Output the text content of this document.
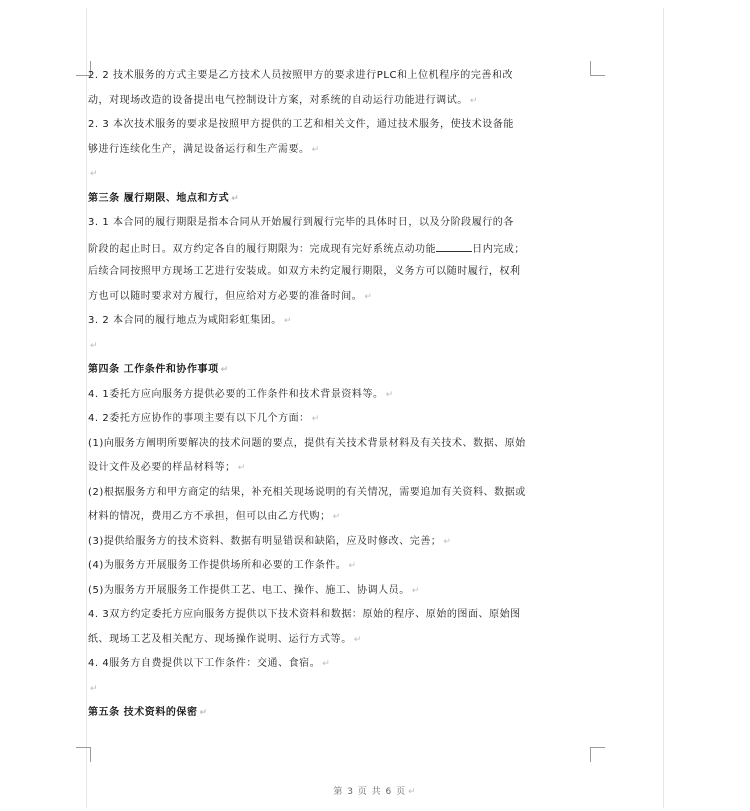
第 3 页 共 6 页 ↵
2. 2 技术服务的方式主要是乙方技术人员按照甲方的要求进行PLC和上位机程序的完善和改
动，对现场改造的设备提出电气控制设计方案，对系统的自动运行功能进行调试。 ↵
2. 3 本次技术服务的要求是按照甲方提供的工艺和相关文件，通过技术服务，使技术设备能
够进行连续化生产，满足设备运行和生产需要。 ↵
↵
第三条 履行期限、地点和方式 ↵
3. 1 本合同的履行期限是指本合同从开始履行到履行完毕的具体时日，以及分阶段履行的各
阶段的起止时日。双方约定各自的履行期限为：完成现有完好系统点动功能	日内完成；
后续合同按照甲方现场工艺进行安装成。如双方未约定履行期限，义务方可以随时履行，权利
方也可以随时要求对方履行，但应给对方必要的准备时间。 ↵
3. 2 本合同的履行地点为咸阳彩虹集团。 ↵
↵
第四条 工作条件和协作事项 ↵
4. 1委托方应向服务方提供必要的工作条件和技术背景资料等。 ↵
4. 2委托方应协作的事项主要有以下几个方面： ↵
(1)向服务方阐明所要解决的技术问题的要点，提供有关技术背景材料及有关技术、数据、原始
设计文件及必要的样品材料等； ↵
(2)根据服务方和甲方商定的结果，补充相关现场说明的有关情况，需要追加有关资料、数据或
材料的情况，费用乙方不承担，但可以由乙方代购； ↵
(3)提供给服务方的技术资料、数据有明显错误和缺陷，应及时修改、完善； ↵
(4)为服务方开展服务工作提供场所和必要的工作条件。 ↵
(5)为服务方开展服务工作提供工艺、电工、操作、施工、协调人员。 ↵
4. 3双方约定委托方应向服务方提供以下技术资料和数据：原始的程序、原始的图面、原始图
纸、现场工艺及相关配方、现场操作说明、运行方式等。 ↵
4. 4服务方自费提供以下工作条件：交通、食宿。 ↵
↵
第五条 技术资料的保密 ↵
